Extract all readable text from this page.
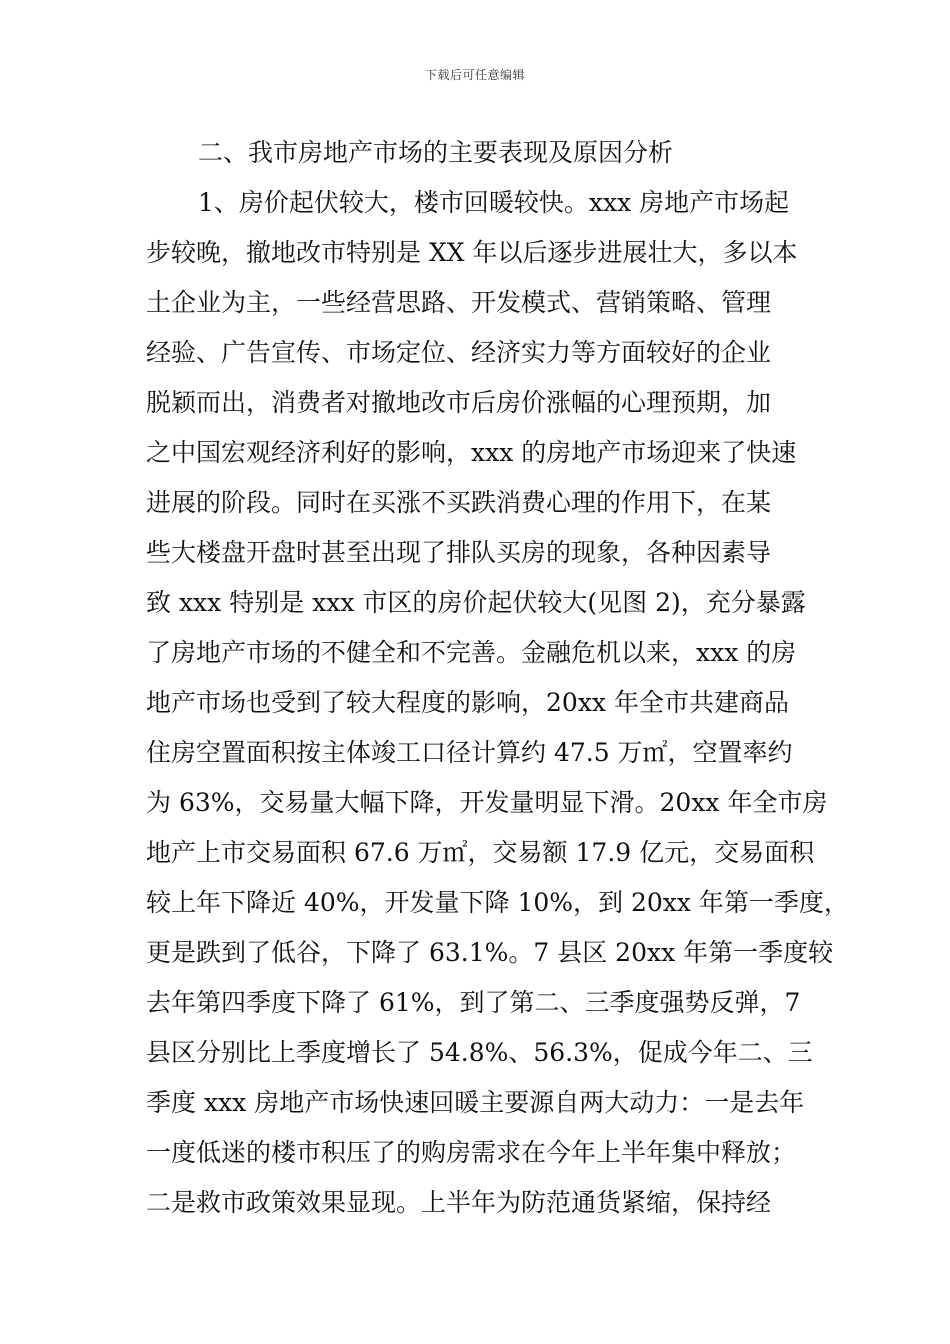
下载后可任意编辑
二、我市房地产市场的主要表现及原因分析
1、房价起伏较大，楼市回暖较快。xxx 房地产市场起
步较晚，撤地改市特别是 XX 年以后逐步进展壮大，多以本
土企业为主，一些经营思路、开发模式、营销策略、管理
经验、广告宣传、市场定位、经济实力等方面较好的企业
脱颖而出，消费者对撤地改市后房价涨幅的心理预期，加
之中国宏观经济利好的影响，xxx 的房地产市场迎来了快速
进展的阶段。同时在买涨不买跌消费心理的作用下，在某
些大楼盘开盘时甚至出现了排队买房的现象，各种因素导
致 xxx 特别是 xxx 市区的房价起伏较大(见图 2)，充分暴露
了房地产市场的不健全和不完善。金融危机以来，xxx 的房
地产市场也受到了较大程度的影响，20xx 年全市共建商品
住房空置面积按主体竣工口径计算约 47.5 万㎡，空置率约
为 63%，交易量大幅下降，开发量明显下滑。20xx 年全市房
地产上市交易面积 67.6 万㎡，交易额 17.9 亿元，交易面积
较上年下降近 40%，开发量下降 10%，到 20xx 年第一季度，
更是跌到了低谷，下降了 63.1%。7 县区 20xx 年第一季度较
去年第四季度下降了 61%，到了第二、三季度强势反弹，7
县区分别比上季度增长了 54.8%、56.3%，促成今年二、三
季度 xxx 房地产市场快速回暖主要源自两大动力：一是去年
一度低迷的楼市积压了的购房需求在今年上半年集中释放；
二是救市政策效果显现。上半年为防范通货紧缩，保持经
